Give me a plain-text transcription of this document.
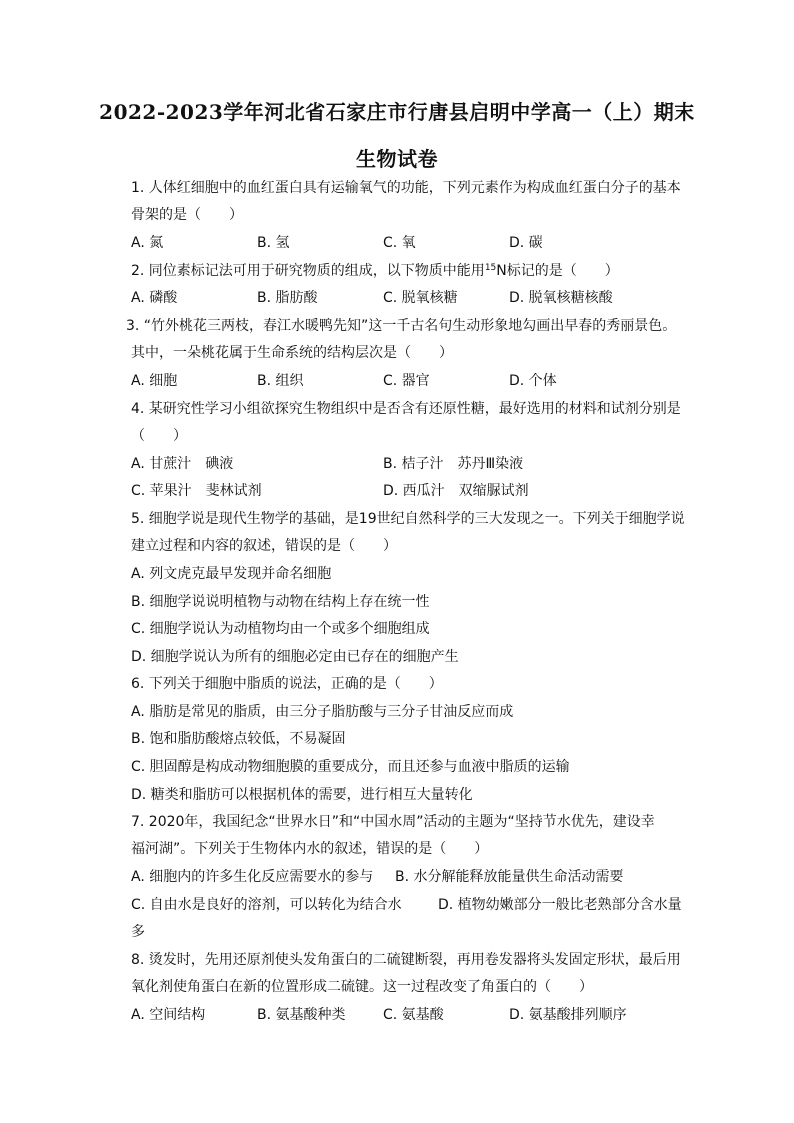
2022-2023学年河北省石家庄市行唐县启明中学高一（上）期末
生物试卷
1. 人体红细胞中的血红蛋白具有运输氧气的功能，下列元素作为构成血红蛋白分子的基本
骨架的是（　　）
A. 氮	B. 氢	C. 氧	D. 碳
2. 同位素标记法可用于研究物质的组成，以下物质中能用$^{15}$N标记的是（　　）
A. 磷酸	B. 脂肪酸	C. 脱氧核糖	D. 脱氧核糖核酸
3. “竹外桃花三两枝，春江水暖鸭先知”这一千古名句生动形象地勾画出早春的秀丽景色。
其中，一朵桃花属于生命系统的结构层次是（　　）
A. 细胞	B. 组织	C. 器官	D. 个体
4. 某研究性学习小组欲探究生物组织中是否含有还原性糖，最好选用的材料和试剂分别是
（　　）
A. 甘蔗汁　碘液	B. 桔子汁　苏丹Ⅲ染液
C. 苹果汁　斐林试剂	D. 西瓜汁　双缩脲试剂
5. 细胞学说是现代生物学的基础，是19世纪自然科学的三大发现之一。下列关于细胞学说
建立过程和内容的叙述，错误的是（　　）
A. 列文虎克最早发现并命名细胞
B. 细胞学说说明植物与动物在结构上存在统一性
C. 细胞学说认为动植物均由一个或多个细胞组成
D. 细胞学说认为所有的细胞必定由已存在的细胞产生
6. 下列关于细胞中脂质的说法，正确的是（　　）
A. 脂肪是常见的脂质，由三分子脂肪酸与三分子甘油反应而成
B. 饱和脂肪酸熔点较低，不易凝固
C. 胆固醇是构成动物细胞膜的重要成分，而且还参与血液中脂质的运输
D. 糖类和脂肪可以根据机体的需要，进行相互大量转化
7. 2020年，我国纪念“世界水日”和“中国水周”活动的主题为“坚持节水优先，建设幸
福河湖”。下列关于生物体内水的叙述，错误的是（　　）
A. 细胞内的许多生化反应需要水的参与 B. 水分解能释放能量供生命活动需要
C. 自由水是良好的溶剂，可以转化为结合水	D. 植物幼嫩部分一般比老熟部分含水量
多
8. 烫发时，先用还原剂使头发角蛋白的二硫键断裂，再用卷发器将头发固定形状，最后用
氧化剂使角蛋白在新的位置形成二硫键。这一过程改变了角蛋白的（　　）
A. 空间结构	B. 氨基酸种类	C. 氨基酸	D. 氨基酸排列顺序
